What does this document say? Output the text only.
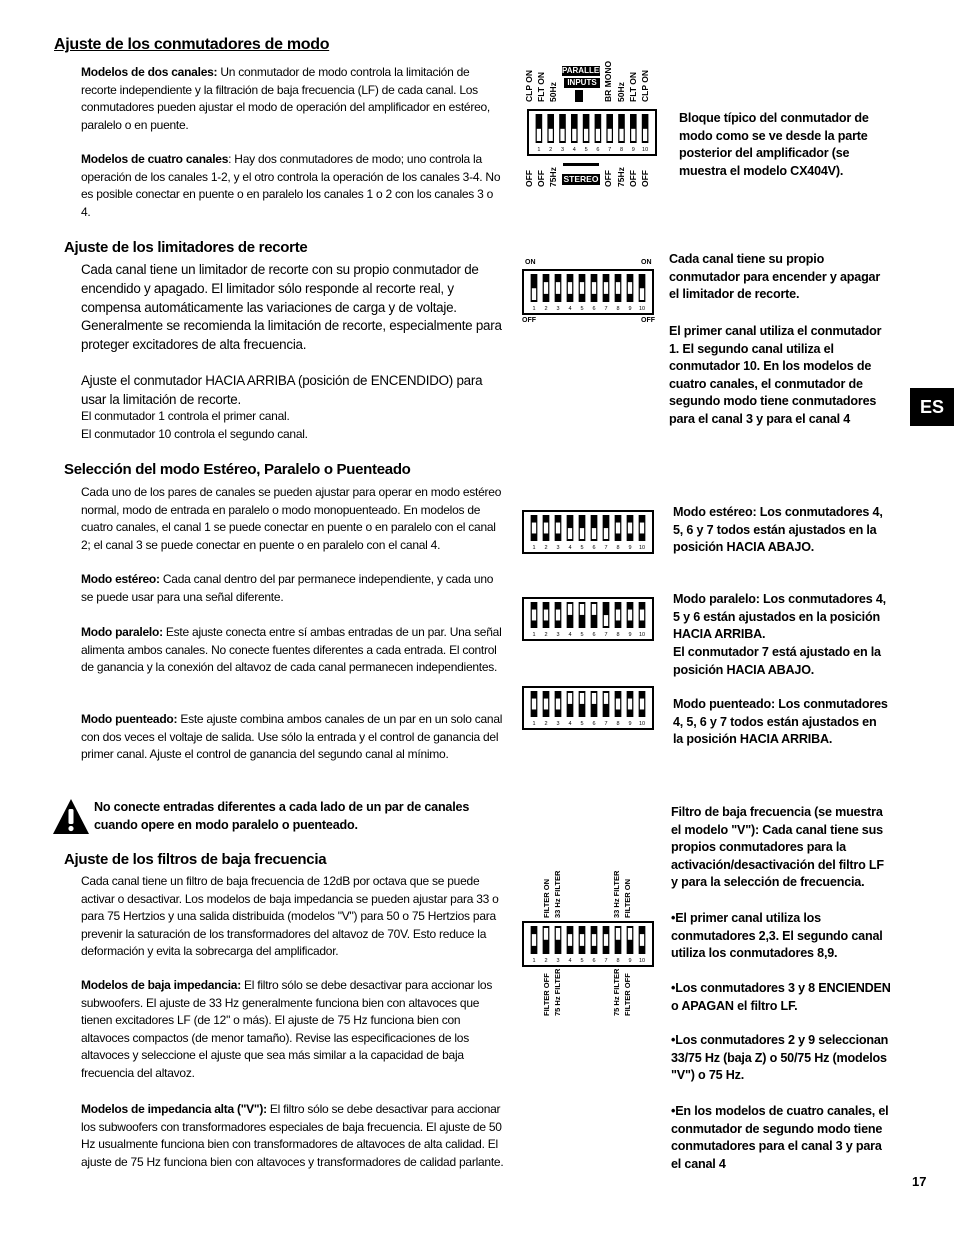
Ajuste de los conmutadores de modo

Modelos de dos canales: Un conmutador de modo controla la limitación de recorte independiente y la filtración de baja frecuencia (LF) de cada canal. Los conmutadores pueden ajustar el modo de operación del amplificador en estéreo, paralelo o en puente.

Modelos de cuatro canales: Hay dos conmutadores de modo; uno controla la operación de los canales 1-2, y el otro controla la operación de los canales 3-4. No es posible conectar en puente o en paralelo los canales 1 o 2 con los canales 3 o 4.

CLP ON FLT ON 50Hz
PARALLEL
INPUTS BR MONO 50Hz FLT ON CLP ON
1 2 3 4 5 6 7 8 9 10
OFF OFF 75Hz STEREO OFF 75Hz OFF OFF

Bloque típico del conmutador de modo como se ve desde la parte posterior del amplificador (se muestra el modelo CX404V).

Ajuste de los limitadores de recorte

Cada canal tiene un limitador de recorte con su propio conmutador de encendido y apagado. El limitador sólo responde al recorte real, y compensa automáticamente las variaciones de carga y de voltaje. Generalmente se recomienda la limitación de recorte, especialmente para proteger excitadores de alta frecuencia.

Ajuste el conmutador HACIA ARRIBA (posición de ENCENDIDO) para usar la limitación de recorte.

El conmutador 1 controla el primer canal.

El conmutador 10 controla el segundo canal.

ON	ON
1 2 3 4 5 6 7 8 9 10
OFF	OFF

Cada canal tiene su propio conmutador para encender y apagar el limitador de recorte.

El primer canal utiliza el conmutador 1. El segundo canal utiliza el conmutador 10. En los modelos de cuatro canales, el conmutador de segundo modo tiene conmutadores para el canal 3 y para el canal 4

ES
Selección del modo Estéreo, Paralelo o Puenteado

Cada uno de los pares de canales se pueden ajustar para operar en modo estéreo normal, modo de entrada en paralelo o modo monopuenteado. En modelos de cuatro canales, el canal 1 se puede conectar en puente o en paralelo con el canal 2; el canal 3 se puede conectar en puente o en paralelo con el canal 4.

Modo estéreo: Cada canal dentro del par permanece independiente, y cada uno se puede usar para una señal diferente.

Modo paralelo: Este ajuste conecta entre sí ambas entradas de un par. Una señal alimenta ambos canales. No conecte fuentes diferentes a cada entrada. El control de ganancia y la conexión del altavoz de cada canal permanecen independientes.

Modo puenteado: Este ajuste combina ambos canales de un par en un solo canal con dos veces el voltaje de salida. Use sólo la entrada y el control de ganancia del primer canal. Ajuste el control de ganancia del segundo canal al mínimo.

1 2 3 4 5 6 7 8 9 10
1 2 3 4 5 6 7 8 9 10
1 2 3 4 5 6 7 8 9 10

Modo estéreo: Los conmutadores 4, 5, 6 y 7 todos están ajustados en la posición HACIA ABAJO.

Modo paralelo: Los conmutadores 4, 5 y 6 están ajustados en la posición HACIA ARRIBA.

El conmutador 7 está ajustado en la posición HACIA ABAJO.

Modo puenteado: Los conmutadores 4, 5, 6 y 7 todos están ajustados en la posición HACIA ARRIBA.

No conecte entradas diferentes a cada lado de un par de canales cuando opere en modo paralelo o puenteado.

Ajuste de los filtros de baja frecuencia

Cada canal tiene un filtro de baja frecuencia de 12dB por octava que se puede activar o desactivar. Los modelos de baja impedancia se pueden ajustar para 33 o para 75 Hertzios y una salida distribuida (modelos "V") para 50 o 75 Hertzios para prevenir la saturación de los transformadores del altavoz de 70V. Esto reduce la deformación y evita la sobrecarga del amplificador.

Modelos de baja impedancia: El filtro sólo se debe desactivar para accionar los subwoofers. El ajuste de 33 Hz generalmente funciona bien con altavoces que tienen excitadores LF (de 12" o más). El ajuste de 75 Hz funciona bien con altavoces compactos (de menor tamaño). Revise las especificaciones de los altavoces y seleccione el ajuste que sea más similar a la capacidad de baja frecuencia del altavoz.

Modelos de impedancia alta ("V"): El filtro sólo se debe desactivar para accionar los subwoofers con transformadores especiales de baja frecuencia. El ajuste de 50 Hz usualmente funciona bien con transformadores de altavoces de alta calidad. El ajuste de 75 Hz funciona bien con altavoces y transformadores de calidad parlante.

FILTER ON 33 Hz FILTER	33 Hz FILTER FILTER ON
1 2 3 4 5 6 7 8 9 10
FILTER OFF 75 Hz FILTER	75 Hz FILTER FILTER OFF

Filtro de baja frecuencia (se muestra el modelo "V"): Cada canal tiene sus propios conmutadores para la activación/desactivación del filtro LF y para la selección de frecuencia.

•El primer canal utiliza los conmutadores 2,3. El segundo canal utiliza los conmutadores 8,9.

•Los conmutadores 3 y 8 ENCIENDEN o APAGAN el filtro LF.

•Los conmutadores 2 y 9 seleccionan 33/75 Hz (baja Z) o 50/75 Hz (modelos "V") o 75 Hz.

•En los modelos de cuatro canales, el conmutador de segundo modo tiene conmutadores para el canal 3 y para el canal 4

17
